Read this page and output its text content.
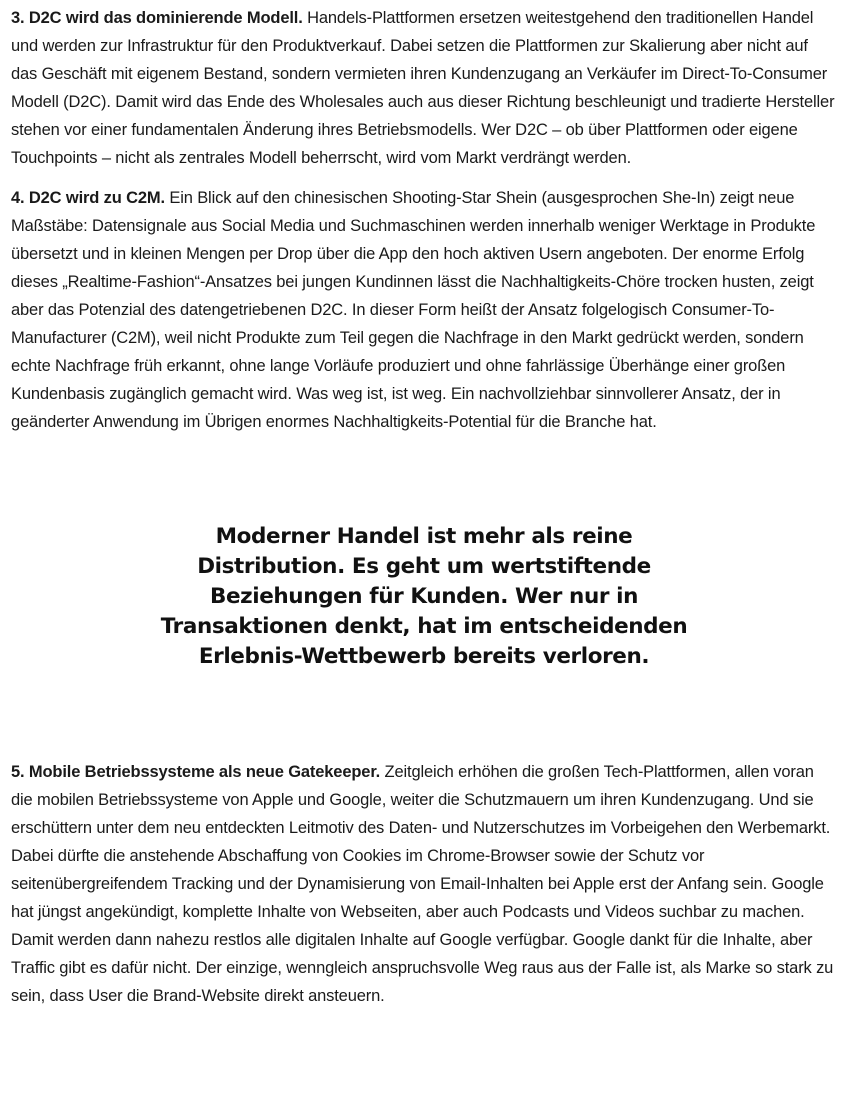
3. D2C wird das dominierende Modell. Handels-Plattformen ersetzen weitestgehend den traditionellen Handel und werden zur Infrastruktur für den Produktverkauf. Dabei setzen die Plattformen zur Skalierung aber nicht auf das Geschäft mit eigenem Bestand, sondern vermieten ihren Kundenzugang an Verkäufer im Direct-To-Consumer Modell (D2C). Damit wird das Ende des Wholesales auch aus dieser Richtung beschleunigt und tradierte Hersteller stehen vor einer fundamentalen Änderung ihres Betriebsmodells. Wer D2C – ob über Plattformen oder eigene Touchpoints – nicht als zentrales Modell beherrscht, wird vom Markt verdrängt werden.

4. D2C wird zu C2M. Ein Blick auf den chinesischen Shooting-Star Shein (ausgesprochen She-In) zeigt neue Maßstäbe: Datensignale aus Social Media und Suchmaschinen werden innerhalb weniger Werktage in Produkte übersetzt und in kleinen Mengen per Drop über die App den hoch aktiven Usern angeboten. Der enorme Erfolg dieses „Realtime-Fashion“-Ansatzes bei jungen Kundinnen lässt die Nachhaltigkeits-Chöre trocken husten, zeigt aber das Potenzial des datengetriebenen D2C. In dieser Form heißt der Ansatz folgelogisch Consumer-To-Manufacturer (C2M), weil nicht Produkte zum Teil gegen die Nachfrage in den Markt gedrückt werden, sondern echte Nachfrage früh erkannt, ohne lange Vorläufe produziert und ohne fahrlässige Überhänge einer großen Kundenbasis zugänglich gemacht wird. Was weg ist, ist weg. Ein nachvollziehbar sinnvollerer Ansatz, der in geänderter Anwendung im Übrigen enormes Nachhaltigkeits-Potential für die Branche hat.

Moderner Handel ist mehr als reine Distribution. Es geht um wertstiftende Beziehungen für Kunden. Wer nur in Transaktionen denkt, hat im entscheidenden Erlebnis-Wettbewerb bereits verloren.

5. Mobile Betriebssysteme als neue Gatekeeper. Zeitgleich erhöhen die großen Tech-Plattformen, allen voran die mobilen Betriebssysteme von Apple und Google, weiter die Schutzmauern um ihren Kundenzugang. Und sie erschüttern unter dem neu entdeckten Leitmotiv des Daten- und Nutzerschutzes im Vorbeigehen den Werbemarkt. Dabei dürfte die anstehende Abschaffung von Cookies im Chrome-Browser sowie der Schutz vor seitenübergreifendem Tracking und der Dynamisierung von Email-Inhalten bei Apple erst der Anfang sein. Google hat jüngst angekündigt, komplette Inhalte von Webseiten, aber auch Podcasts und Videos suchbar zu machen. Damit werden dann nahezu restlos alle digitalen Inhalte auf Google verfügbar. Google dankt für die Inhalte, aber Traffic gibt es dafür nicht. Der einzige, wenngleich anspruchsvolle Weg raus aus der Falle ist, als Marke so stark zu sein, dass User die Brand-Website direkt ansteuern.
